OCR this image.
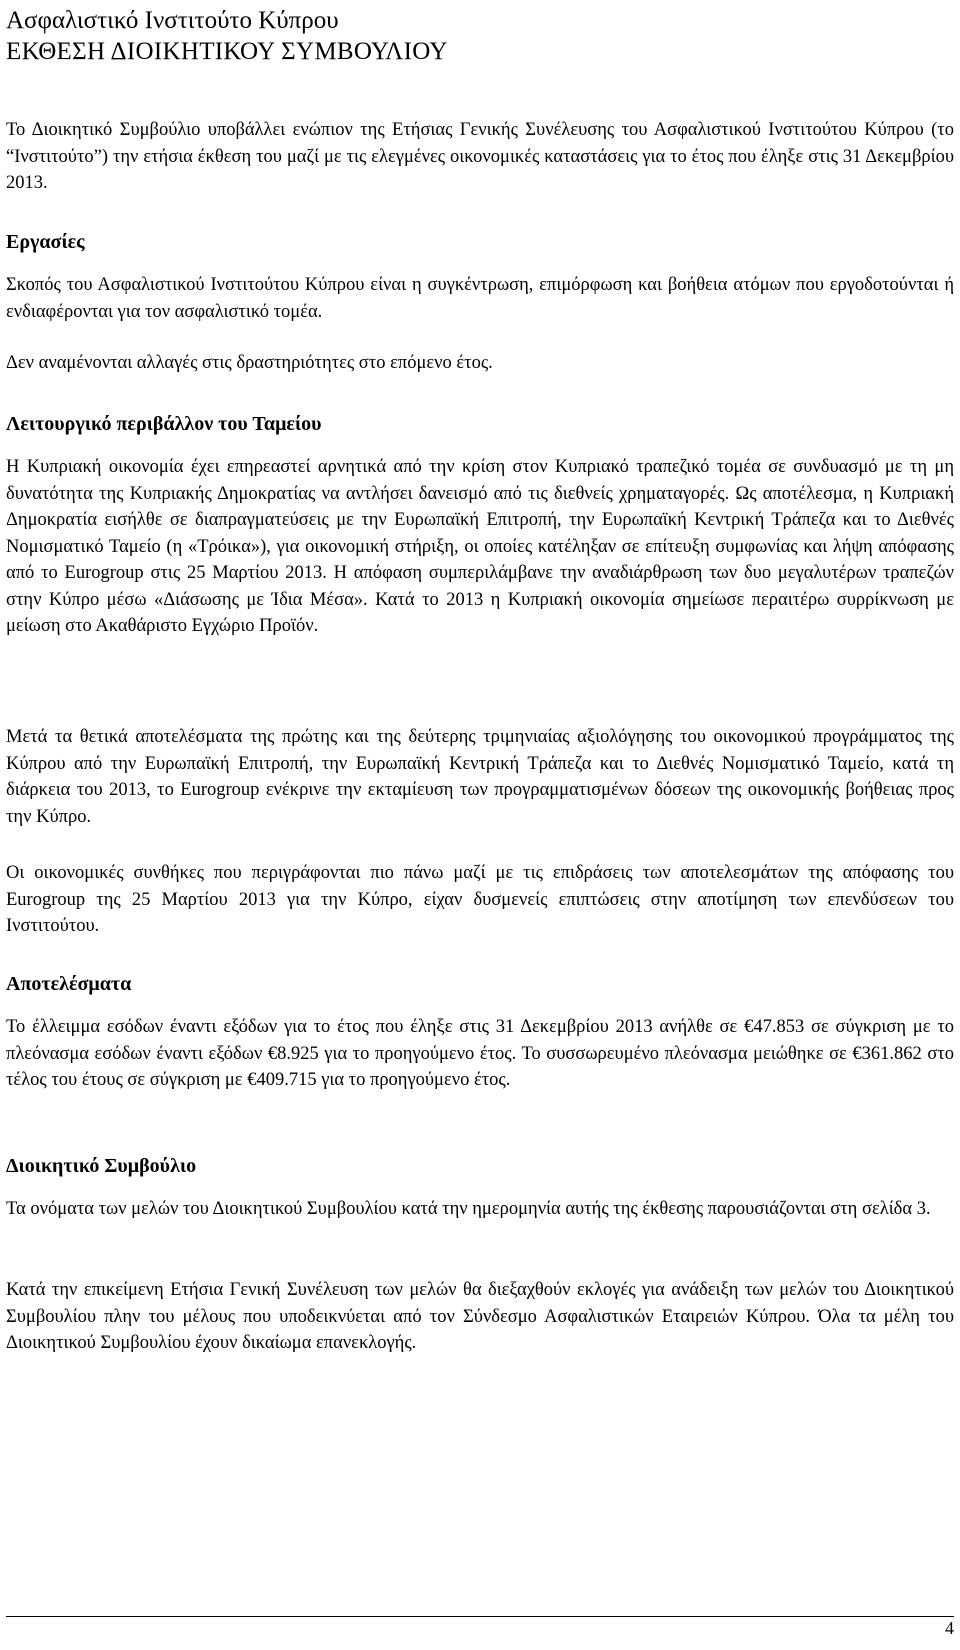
Ασφαλιστικό Ινστιτούτο Κύπρου
ΕΚΘΕΣΗ ΔΙΟΙΚΗΤΙΚΟΥ ΣΥΜΒΟΥΛΙΟΥ

Το Διοικητικό Συμβούλιο υποβάλλει ενώπιον της Ετήσιας Γενικής Συνέλευσης του Ασφαλιστικού Ινστιτούτου Κύπρου (το “Ινστιτούτο”) την ετήσια έκθεση του μαζί με τις ελεγμένες οικονομικές καταστάσεις για το έτος που έληξε στις 31 Δεκεμβρίου 2013.

Εργασίες

Σκοπός του Ασφαλιστικού Ινστιτούτου Κύπρου είναι η συγκέντρωση, επιμόρφωση και βοήθεια ατόμων που εργοδοτούνται ή ενδιαφέρονται για τον ασφαλιστικό τομέα.

Δεν αναμένονται αλλαγές στις δραστηριότητες στο επόμενο έτος.

Λειτουργικό περιβάλλον του Ταμείου

Η Κυπριακή οικονομία έχει επηρεαστεί αρνητικά από την κρίση στον Κυπριακό τραπεζικό τομέα σε συνδυασμό με τη μη δυνατότητα της Κυπριακής Δημοκρατίας να αντλήσει δανεισμό από τις διεθνείς χρηματαγορές. Ως αποτέλεσμα, η Κυπριακή Δημοκρατία εισήλθε σε διαπραγματεύσεις με την Ευρωπαϊκή Επιτροπή, την Ευρωπαϊκή Κεντρική Τράπεζα και το Διεθνές Νομισματικό Ταμείο (η «Τρόικα»), για οικονομική στήριξη, οι οποίες κατέληξαν σε επίτευξη συμφωνίας και λήψη απόφασης από το Eurogroup στις 25 Μαρτίου 2013. Η απόφαση συμπεριλάμβανε την αναδιάρθρωση των δυο μεγαλυτέρων τραπεζών στην Κύπρο μέσω «Διάσωσης με Ίδια Μέσα». Κατά το 2013 η Κυπριακή οικονομία σημείωσε περαιτέρω συρρίκνωση με μείωση στο Ακαθάριστο Εγχώριο Προϊόν.

Μετά τα θετικά αποτελέσματα της πρώτης και της δεύτερης τριμηνιαίας αξιολόγησης του οικονομικού προγράμματος της Κύπρου από την Ευρωπαϊκή Επιτροπή, την Ευρωπαϊκή Κεντρική Τράπεζα και το Διεθνές Νομισματικό Ταμείο, κατά τη διάρκεια του 2013, το Eurogroup ενέκρινε την εκταμίευση των προγραμματισμένων δόσεων της οικονομικής βοήθειας προς την Κύπρο.

Οι οικονομικές συνθήκες που περιγράφονται πιο πάνω μαζί με τις επιδράσεις των αποτελεσμάτων της απόφασης του Eurogroup της 25 Μαρτίου 2013 για την Κύπρο, είχαν δυσμενείς επιπτώσεις στην αποτίμηση των επενδύσεων του Ινστιτούτου.

Αποτελέσματα

Το έλλειμμα εσόδων έναντι εξόδων για το έτος που έληξε στις 31 Δεκεμβρίου 2013 ανήλθε σε €47.853 σε σύγκριση με το πλεόνασμα εσόδων έναντι εξόδων €8.925 για το προηγούμενο έτος. Το συσσωρευμένο πλεόνασμα μειώθηκε σε €361.862 στο τέλος του έτους σε σύγκριση με €409.715 για το προηγούμενο έτος.

Διοικητικό Συμβούλιο

Τα ονόματα των μελών του Διοικητικού Συμβουλίου κατά την ημερομηνία αυτής της έκθεσης παρουσιάζονται στη σελίδα 3.

Κατά την επικείμενη Ετήσια Γενική Συνέλευση των μελών θα διεξαχθούν εκλογές για ανάδειξη των μελών του Διοικητικού Συμβουλίου πλην του μέλους που υποδεικνύεται από τον Σύνδεσμο Ασφαλιστικών Εταιρειών Κύπρου. Όλα τα μέλη του Διοικητικού Συμβουλίου έχουν δικαίωμα επανεκλογής.

4
